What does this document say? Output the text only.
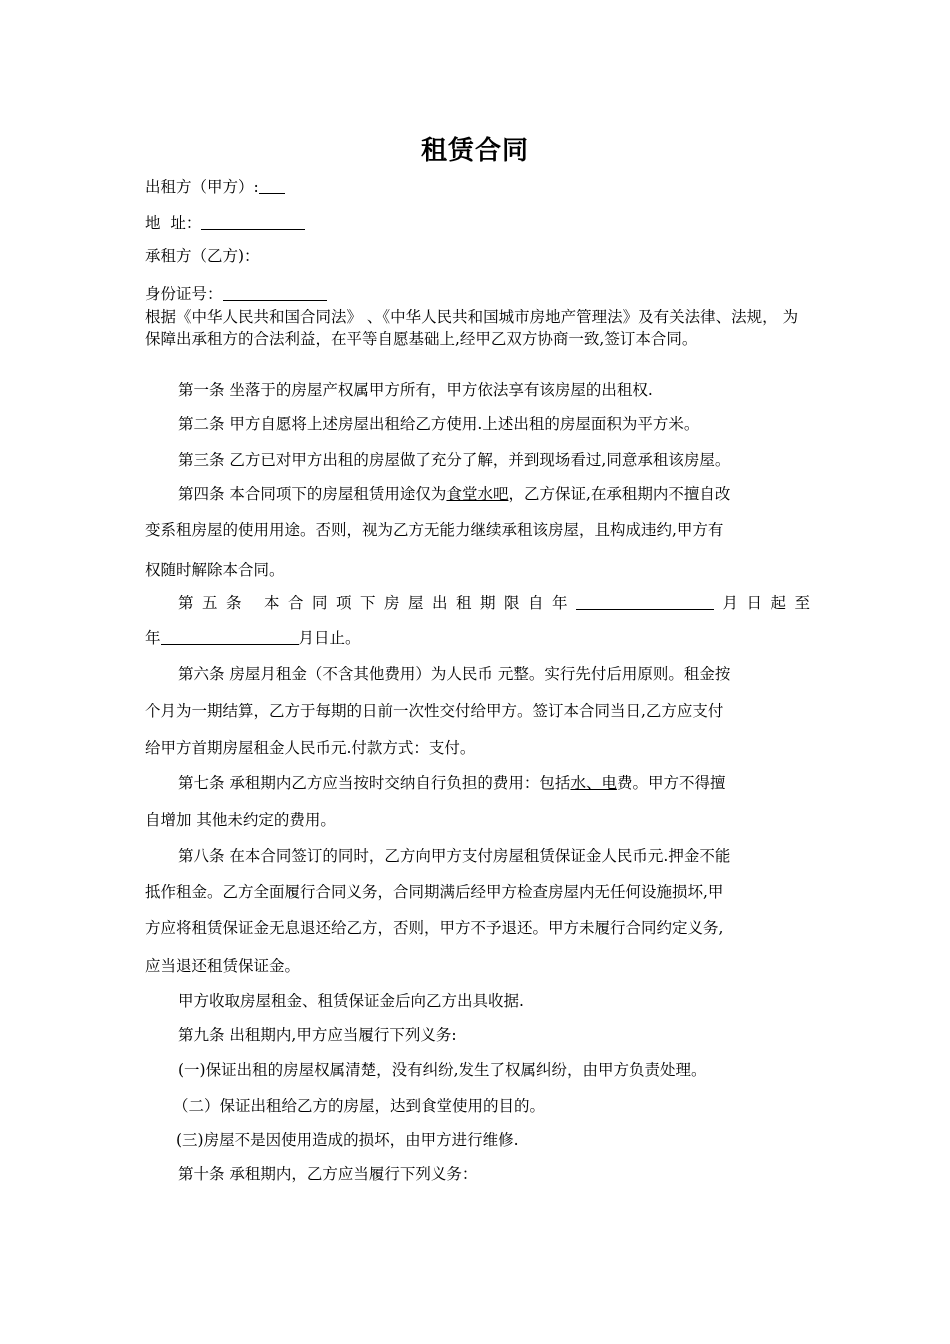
租赁合同
出租方（甲方）:
地  址：
承租方（乙方)：
身份证号：
根据《中华人民共和国合同法》 、《中华人民共和国城市房地产管理法》及有关法律、法规， 为保障出承租方的合法利益，在平等自愿基础上,经甲乙双方协商一致,签订本合同。
第一条 坐落于的房屋产权属甲方所有，甲方依法享有该房屋的出租权.
第二条 甲方自愿将上述房屋出租给乙方使用.上述出租的房屋面积为平方米。
第三条 乙方已对甲方出租的房屋做了充分了解，并到现场看过,同意承租该房屋。
第四条 本合同项下的房屋租赁用途仅为食堂水吧，乙方保证,在承租期内不擅自改
变系租房屋的使用用途。否则，视为乙方无能力继续承租该房屋，且构成违约,甲方有
权随时解除本合同。
第 五 条 本 合 同 项 下 房 屋 出 租 期 限 自 年	月 日 起 至
年	月日止。
第六条 房屋月租金（不含其他费用）为人民币 元整。实行先付后用原则。租金按
个月为一期结算，乙方于每期的日前一次性交付给甲方。签订本合同当日,乙方应支付
给甲方首期房屋租金人民币元.付款方式：支付。
第七条 承租期内乙方应当按时交纳自行负担的费用：包括水、电费。甲方不得擅
自增加 其他未约定的费用。
第八条 在本合同签订的同时，乙方向甲方支付房屋租赁保证金人民币元.押金不能
抵作租金。乙方全面履行合同义务，合同期满后经甲方检查房屋内无任何设施损坏,甲
方应将租赁保证金无息退还给乙方，否则，甲方不予退还。甲方未履行合同约定义务,
应当退还租赁保证金。
甲方收取房屋租金、租赁保证金后向乙方出具收据.
第九条 出租期内,甲方应当履行下列义务:
(一)保证出租的房屋权属清楚，没有纠纷,发生了权属纠纷，由甲方负责处理。
（二）保证出租给乙方的房屋，达到食堂使用的目的。
(三)房屋不是因使用造成的损坏，由甲方进行维修.
第十条 承租期内，乙方应当履行下列义务：
